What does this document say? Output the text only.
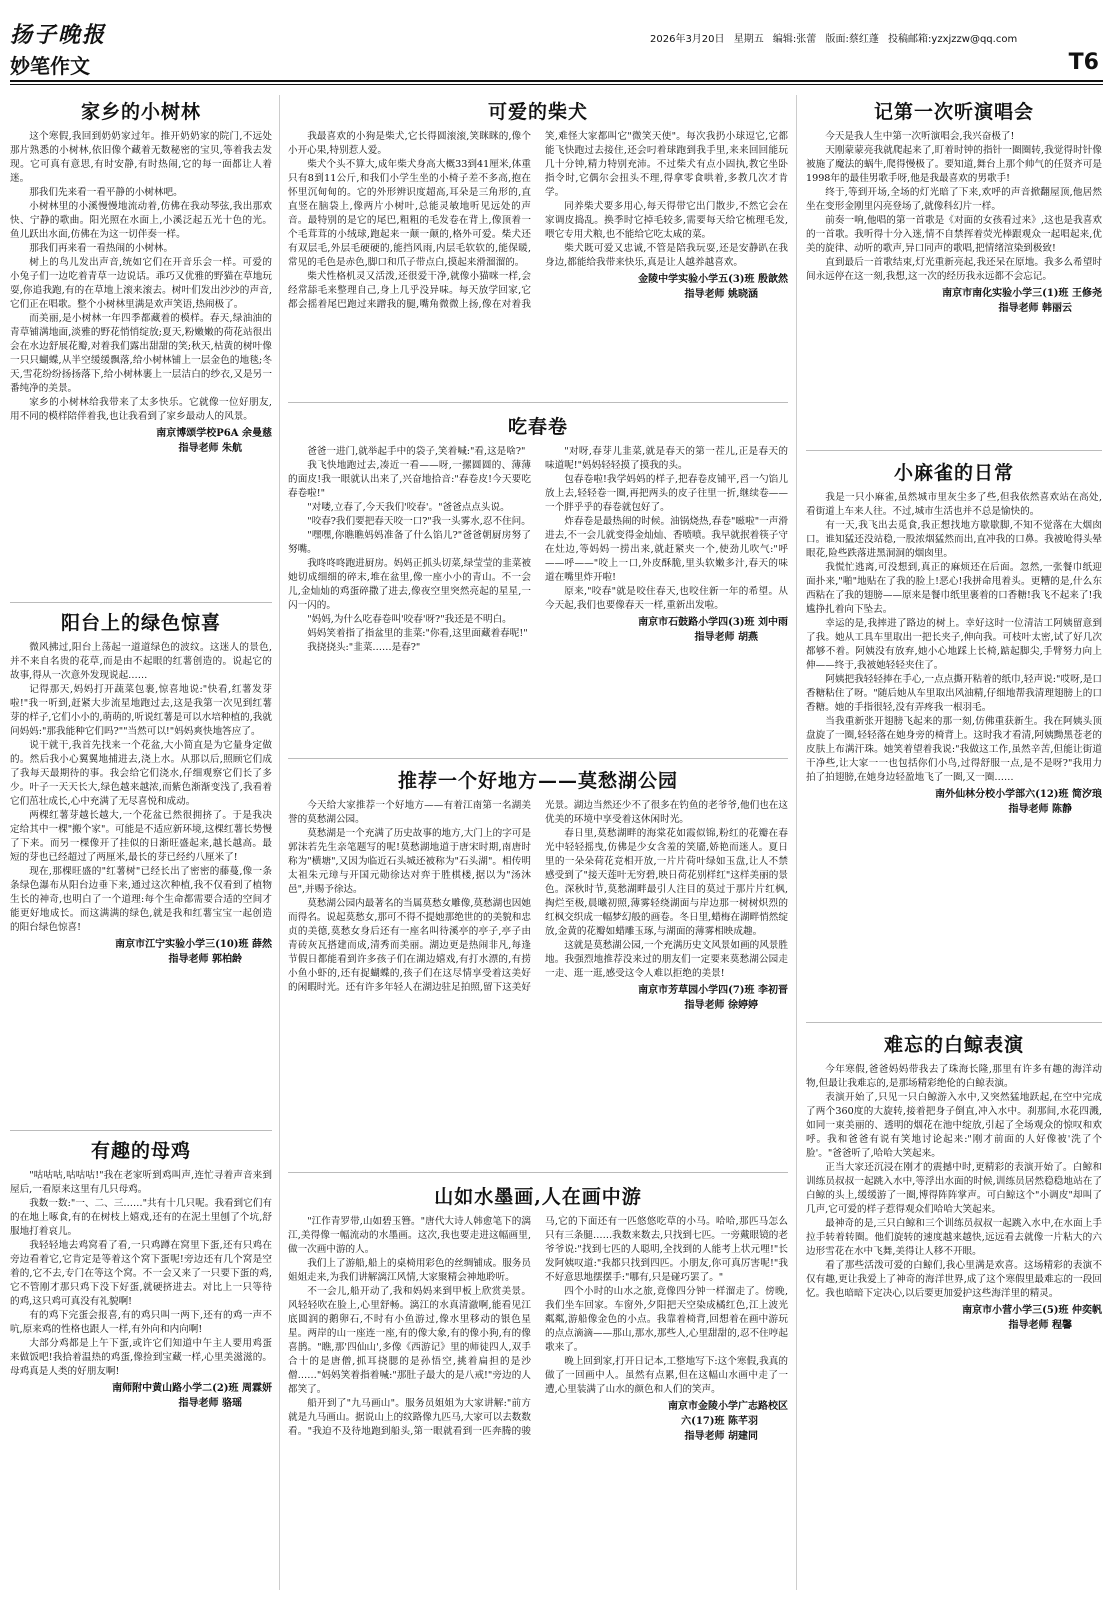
扬子晚报	2026年3月20日 星期五 编辑:张蕾 版面:蔡红蓬 投稿邮箱:yzxjzzw@qq.com
妙笔作文	T6
家乡的小树林

这个寒假,我回到奶奶家过年。推开奶奶家的院门,不远处那片熟悉的小树林,依旧像个藏着无数秘密的宝贝,等着我去发现。它可真有意思,有时安静,有时热闹,它的每一面都让人着迷。

那我们先来看一看平静的小树林吧。

小树林里的小溪慢慢地流动着,仿佛在我动琴弦,我出那欢快、宁静的歌曲。阳光照在水面上,小溪泛起五光十色的光。鱼儿跃出水面,仿佛在为这一切伴奏一样。

那我们再来看一看热闹的小树林。

树上的鸟儿发出声音,统如它们在开音乐会一样。可爱的小兔子们一边吃着青草一边说话。乖巧又优雅的野猫在草地玩耍,你追我跑,有的在草地上滚来滚去。树叶们发出沙沙的声音,它们正在唱歌。整个小树林里满是欢声笑语,热闹极了。

而美丽,是小树林一年四季都藏着的模样。春天,绿油油的青草铺满地面,淡雅的野花悄悄绽放;夏天,粉嫩嫩的荷花站很出会在水边舒展花瓣,对着我们露出甜甜的笑;秋天,枯黄的树叶像一只只蝴蝶,从半空缓缓飘落,给小树林铺上一层金色的地毯;冬天,雪花纷纷扬扬落下,给小树林裹上一层洁白的纱衣,又是另一番纯净的美景。

家乡的小树林给我带来了太多快乐。它就像一位好朋友,用不同的模样陪伴着我,也让我看到了家乡最动人的风景。

南京博颂学校P6A 余曼慈
指导老师 朱航
阳台上的绿色惊喜

微风拂过,阳台上荡起一道道绿色的波纹。这迷人的景色,并不来自名贵的花草,而是由不起眼的红薯创造的。说起它的故事,得从一次意外发现说起……

记得那天,妈妈打开蔬菜包裹,惊喜地说:"快看,红薯发芽啦!"我一听到,赶紧大步流星地跑过去,这是我第一次见到红薯芽的样子,它们小小的,萌萌的,听说红薯是可以水培种植的,我就问妈妈:"那我能种它们吗?""当然可以!"妈妈爽快地答应了。

说干就干,我首先找来一个花盆,大小简直是为它量身定做的。然后我小心翼翼地捕进去,浇上水。从那以后,照顾它们成了我每天最期待的事。我会给它们浇水,仔细观察它们长了多少。叶子一天天长大,绿色越来越浓,而紫色渐渐变浅了,我看着它们茁壮成长,心中充满了无尽喜悦和成动。

两棵红薯芽越长越大,一个花盆已然很拥挤了。于是我决定给其中一棵"搬个家"。可能是不适应新环境,这棵红薯长势慢了下来。而另一棵像开了挂似的日渐旺盛起来,越长越高。最短的芽也已经超过了两厘米,最长的芽已经约八厘米了!

现在,那棵旺盛的"红薯树"已经长出了密密的藤蔓,像一条条绿色瀑布从阳台边垂下来,通过这次种植,我不仅看到了植物生长的神奇,也明白了一个道理:每个生命都需要合适的空间才能更好地成长。而这满满的绿色,就是我和红薯宝宝一起创造的阳台绿色惊喜!

南京市江宁实验小学三(10)班 薛然
指导老师 郭柏龄
有趣的母鸡

"咕咕咕,咕咕咕!"我在老家听到鸡叫声,连忙寻着声音来到屋后,一看原来这里有几只母鸡。

我数一数:"一、二、三……"共有十几只呢。我看到它们有的在地上啄食,有的在树枝上嬉戏,还有的在泥土里刨了个坑,舒服地打着哀儿。

我轻轻地去鸡窝看了看,一只鸡蹲在窝里下蛋,还有只鸡在旁边看着它,它肯定是等着这个窝下蛋呢!旁边还有几个窝是空着的,它不去,专门在等这个窝。不一会又来了一只要下蛋的鸡,它不管刚才那只鸡下没下好蛋,就硬挤进去。对比上一只等待的鸡,这只鸡可真没有礼貌啊!

有的鸡下完蛋会报喜,有的鸡只叫一两下,还有的鸡一声不吭,原来鸡的性格也跟人一样,有外向和内向啊!

大部分鸡都是上午下蛋,或许它们知道中午主人要用鸡蛋来做饭吧!我拾着温热的鸡蛋,像捡到宝藏一样,心里美滋滋的。母鸡真是人类的好朋友啊!

南师附中黄山路小学二(2)班 周霖妍
指导老师 骆瑶
可爱的柴犬

我最喜欢的小狗是柴犬,它长得圆滚滚,笑眯眯的,像个小开心果,特别惹人爱。

柴犬个头不算大,成年柴犬身高大概33到41厘米,体重只有8到11公斤,和我们小学生坐的小椅子差不多高,抱在怀里沉甸甸的。它的外形辨识度超高,耳朵是三角形的,直直竖在脑袋上,像两片小树叶,总能灵敏地听见远处的声音。最特别的是它的尾巴,粗粗的毛发卷在背上,像顶着一个毛茸茸的小绒球,跑起来一颠一颠的,格外可爱。柴犬还有双层毛,外层毛硬硬的,能挡风雨,内层毛软软的,能保暖,常见的毛色是赤色,脚口和爪子带点白,摸起来滑溜溜的。

柴犬性格机灵又活泼,还很爱干净,就像小猫咪一样,会经常舔毛来整理自己,身上几乎没异味。每天放学回家,它都会摇着尾巴跑过来蹭我的腿,嘴角微微上扬,像在对着我笑,难怪大家都叫它"微笑天使"。每次我扔小球逗它,它都能飞快跑过去接住,还会叼着球跑到我手里,来来回回能玩几十分钟,精力特别充沛。不过柴犬有点小固执,教它坐卧指令时,它偶尔会扭头不理,得拿零食哄着,多教几次才肯学。

同养柴犬要多用心,每天得带它出门散步,不然它会在家调皮捣乱。换季时它掉毛较多,需要每天给它梳理毛发,喂它专用犬粮,也不能给它吃太咸的菜。

柴犬既可爱又忠诚,不管是陪我玩耍,还是安静趴在我身边,都能给我带来快乐,真是让人越养越喜欢。

金陵中学实验小学五(3)班 殷歆然
指导老师 姚晓涵
吃春卷

爸爸一进门,就举起手中的袋子,笑着喊:"看,这是啥?"

我飞快地跑过去,凑近一看——呀,一摞圆圆的、薄薄的面皮!我一眼就认出来了,兴奋地拾音:"春卷皮!今天要吃春卷啦!"

"对喽,立春了,今天我们'咬春'。"爸爸点点头说。

"咬春?我们要把春天咬一口?"我一头雾水,忍不住问。

"嘿嘿,你瞧瞧妈妈准备了什么馅儿?"爸爸朝厨房努了努嘴。

我咚咚咚跑进厨房。妈妈正抓头切菜,绿莹莹的韭菜被她切成细细的碎末,堆在盆里,像一座小小的青山。不一会儿,金灿灿的鸡蛋碎撒了进去,像夜空里突然亮起的星星,一闪一闪的。

"妈妈,为什么吃春卷叫'咬春'呀?"我还是不明白。

妈妈笑着指了指盆里的韭菜:"你看,这里面藏着春呢!"

我挠挠头:"韭菜……是春?"

"对呀,春芽儿韭菜,就是春天的第一茬儿,正是春天的味道呢!"妈妈轻轻摸了摸我的头。

包春卷啦!我学妈妈的样子,把春卷皮铺平,舀一勺馅儿放上去,轻轻卷一圈,再把两头的皮子往里一折,继续卷——一个胖乎乎的春卷就包好了。

炸春卷是最热闹的时候。油锅烧热,春卷"嗞啦"一声滑进去,不一会儿就变得金灿灿、香喷喷。我早就抿着筷子守在灶边,等妈妈一捞出来,就赶紧夹一个,使劲儿吹气:"呼——呼——"咬上一口,外皮酥脆,里头软嫩多汁,春天的味道在嘴里炸开啦!

原来,"咬春"就是咬住春天,也咬住新一年的希望。从今天起,我们也要像春天一样,重新出发啦。

南京市石鼓路小学四(3)班 刘中雨
指导老师 胡燕
推荐一个好地方——莫愁湖公园

今天给大家推荐一个好地方——有着江南第一名湖美誉的莫愁湖公园。

莫愁湖是一个充满了历史故事的地方,大门上的字可是郭沫若先生亲笔题写的呢!莫愁湖地道于唐宋时期,南唐时称为"横塘",又因为临近石头城还被称为"石头湖"。相传明太祖朱元璋与开国元勋徐达对弈于胜棋楼,据以为"汤沐邑",并赐予徐达。

莫愁湖公园内最著名的当属莫愁女雕像,莫愁湖也因她而得名。说起莫愁女,那可不得不提她那绝世的的美貌和忠贞的美德,莫愁女身后还有一座名叫待溪亭的亭子,亭子由青砖灰瓦搭建而成,清秀而美丽。湖边更是热闹非凡,每逢节假日都能看到许多孩子们在湖边嬉戏,有打水漂的,有捞小鱼小虾的,还有捉蝴蝶的,孩子们在这尽情享受着这美好的闲暇时光。还有许多年轻人在湖边驻足拍照,留下这美好光景。湖边当然还少不了很多在钓鱼的老爷爷,他们也在这优美的环境中享受着这休闲时光。

春日里,莫愁湖畔的海棠花如霞似锦,粉红的花瓣在春光中轻轻摇曳,仿佛是少女含羞的笑靥,娇艳而迷人。夏日里的一朵朵荷花竞相开放,一片片荷叶绿如玉盘,让人不禁感受到了"接天莲叶无穷碧,映日荷花别样红"这样美丽的景色。深秋时节,莫愁湖畔最引人注目的莫过于那片片红枫,掏烂至极,晨曦初照,薄雾轻绕湖面与岸边那一树树炽烈的红枫交织成一幅梦幻般的画卷。冬日里,蜡梅在湖畔悄然绽放,金黄的花瓣如蜡雕玉琢,与湖面的薄雾相映成趣。

这就是莫愁湖公园,一个充满历史文风景如画的风景胜地。我强烈地推荐没来过的朋友们一定要来莫愁湖公园走一走、逛一逛,感受这令人难以拒绝的美景!

南京市芳草园小学四(7)班 李初晋
指导老师 徐婷婷
山如水墨画,人在画中游

"江作青罗带,山如碧玉簪。"唐代大诗人韩愈笔下的漓江,美得像一幅流动的水墨画。这次,我也要走进这幅画里,做一次画中游的人。

我们上了游船,船上的桌椅用彩色的丝绸铺成。服务员姐姐走来,为我们讲解漓江风情,大家聚精会神地聆听。

不一会儿,船开动了,我和妈妈来到甲板上欣赏美景。风轻轻吹在脸上,心里舒畅。漓江的水真清澈啊,能看见江底圆润的鹅卵石,不时有小鱼游过,像水里移动的银色星星。两岸的山一座连一座,有的像大象,有的像小狗,有的像喜鹊。"瞧,那'四仙山',多像《西游记》里的师徒四人,双手合十的是唐僧,抓耳挠腮的是孙悟空,挑着扁担的是沙僧……"妈妈笑着指着喊:"那肚子最大的是八戒!"旁边的人都笑了。

船开到了"九马画山"。服务员姐姐为大家讲解:"前方就是九马画山。据说山上的纹路像九匹马,大家可以去数数看。"我迫不及待地跑到船头,第一眼就看到一匹奔腾的骏马,它的下面还有一匹悠悠吃草的小马。哈哈,那匹马怎么只有三条腿……我数来数去,只找到七匹。一旁戴眼镜的老爷爷说:"找到七匹的人聪明,全找到的人能考上状元哩!"长发阿姨叹道:"我都只找到四匹。小朋友,你可真厉害呢!"我不好意思地摆摆手:"哪有,只是碰巧罢了。"

四个小时的山水之旅,竟像四分钟一样溜走了。傍晚,我们坐车回家。车窗外,夕阳把天空染成橘红色,江上波光粼粼,游船像金色的小点。我靠着椅背,回想着在画中游玩的点点滴滴——那山,那水,那些人,心里甜甜的,忍不住哼起歌来了。

晚上回到家,打开日记本,工整地写下:这个寒假,我真的做了一回画中人。虽然有点累,但在这幅山水画中走了一遭,心里装满了山水的颜色和人们的笑声。

南京市金陵小学广志路校区
六(17)班 陈芊羽
指导老师 胡建同
记第一次听演唱会

今天是我人生中第一次听演唱会,我兴奋极了!

天刚蒙蒙亮我就爬起来了,盯着时钟的指针一圈圈转,我觉得时针像被施了魔法的蜗牛,爬得慢极了。要知道,舞台上那个帅气的任贤齐可是1998年的最佳男歌手呀,他是我最喜欢的男歌手!

终于,等到开场,全场的灯光暗了下来,欢呼的声音掀翻屋顶,他居然坐在变形金刚里闪亮登场了,就像科幻片一样。

前奏一响,他唱的第一首歌是《对面的女孩看过来》,这也是我喜欢的一首歌。我听得十分入迷,情不自禁挥着荧光棒跟观众一起唱起来,优美的旋律、动听的歌声,异口同声的歌唱,把情绪渲染到极致!

直到最后一首歌结束,灯光重新亮起,我还呆在原地。我多么希望时间永远停在这一刻,我想,这一次的经历我永远都不会忘记。

南京市南化实验小学三(1)班 王修尧
指导老师 韩丽云
小麻雀的日常

我是一只小麻雀,虽然城市里灰尘多了些,但我依然喜欢站在高处,看街道上车来人往。不过,城市生活也并不总是愉快的。

有一天,我飞出去觅食,我正想找地方歇歇脚,不知不觉落在大烟囱口。谁知猛还没站稳,一股浓烟猛然而出,直冲我的口鼻。我被呛得头晕眼花,险些跌落进黑洞洞的烟囱里。

我慌忙逃离,可没想到,真正的麻烦还在后面。忽然,一张餐巾纸迎面扑来,"啪"地贴在了我的脸上!恶心!我拼命甩着头。更糟的是,什么东西粘在了我的翅膀——原来是餐巾纸里裹着的口香糖!我飞不起来了!我尴挣扎着向下坠去。

幸运的是,我摔进了路边的树上。幸好这时一位清洁工阿姨留意到了我。她从工具车里取出一把长夹子,伸向我。可枝叶太密,试了好几次都够不着。阿姨没有放弃,她小心地踩上长椅,踮起脚尖,手臂努力向上伸——终于,我被她轻轻夹住了。

阿姨把我轻轻捧在手心,一点点撕开粘着的纸巾,轻声说:"哎呀,是口香糖粘住了呀。"随后她从车里取出风油精,仔细地帮我清理翅膀上的口香糖。她的手指很轻,没有弄疼我一根羽毛。

当我重新张开翅膀飞起来的那一刻,仿佛重获新生。我在阿姨头顶盘旋了一圈,轻轻落在她身旁的椅背上。这时我才看清,阿姨黝黑苍老的皮肤上布满汗珠。她笑着望着我说:"我做这工作,虽然辛苦,但能让街道干净些,让大家一一也包括你们小鸟,过得舒服一点,是不是呀?"我用力拍了拍翅膀,在她身边轻盈地飞了一圈,又一圈……

南外仙林分校小学部六(12)班 简汐琅
指导老师 陈静
难忘的白鲸表演

今年寒假,爸爸妈妈带我去了珠海长隆,那里有许多有趣的海洋动物,但最让我难忘的,是那场精彩绝伦的白鲸表演。

表演开始了,只见一只白鲸游入水中,又突然猛地跃起,在空中完成了两个360度的大旋转,接着把身子倒直,冲入水中。刹那间,水花四溅,如同一束美丽的、透明的烟花在池中绽放,引起了全场观众的惊叹和欢呼。我和爸爸有说有笑地讨论起来:"刚才前面的人好像被'洗了个脸'。"爸爸听了,哈哈大笑起来。

正当大家还沉浸在刚才的震撼中时,更精彩的表演开始了。白鲸和训练员叔叔一起跳入水中,等浮出水面的时候,训练员居然稳稳地站在了白鲸的头上,缓缓游了一圈,博得阵阵掌声。可白鲸这个"小调皮"却叫了几声,它可爱的样子惹得观众们哈哈大笑起来。

最神奇的是,三只白鲸和三个训练员叔叔一起跳入水中,在水面上手拉手转着转圈。他们旋转的速度越来越快,远远看去就像一片粘大的六边形雪花在水中飞舞,美得让人移不开眼。

看了那些活泼可爱的白鲸们,我心里满是欢喜。这场精彩的表演不仅有趣,更让我爱上了神奇的海洋世界,成了这个寒假里最难忘的一段回忆。我也暗暗下定决心,以后要更加爱护这些海洋里的精灵。

南京市小营小学三(5)班 仲奕帆
指导老师 程馨
